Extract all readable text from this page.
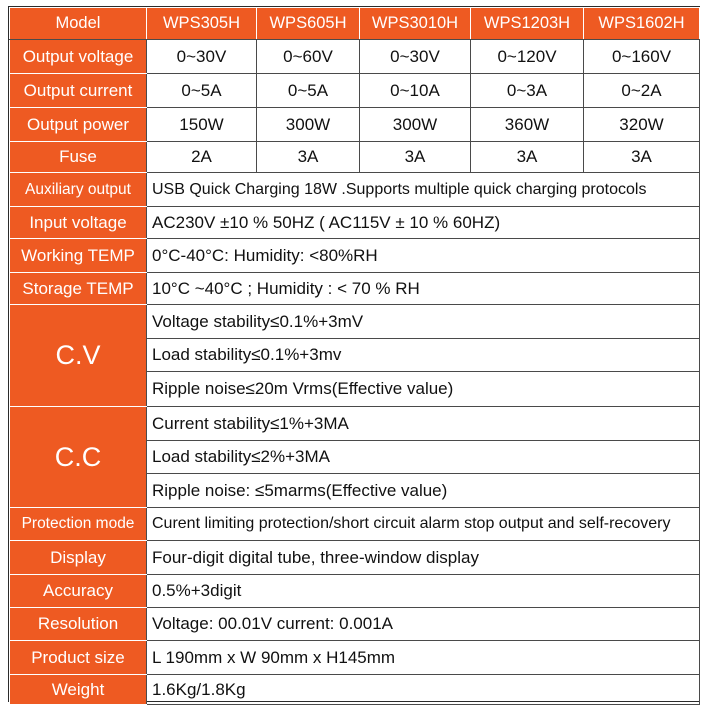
Model	WPS305H	WPS605H	WPS3010H	WPS1203H	WPS1602H
Output voltage	0~30V	0~60V	0~30V	0~120V	0~160V
Output current	0~5A	0~5A	0~10A	0~3A	0~2A
Output power	150W	300W	300W	360W	320W
Fuse	2A	3A	3A	3A	3A
Auxiliary output	USB Quick Charging 18W .Supports multiple quick charging protocols				
Input voltage	AC230V ±10 % 50HZ ( AC115V ± 10 % 60HZ)				
Working TEMP	0°C-40°C: Humidity: <80%RH				
Storage TEMP	10°C ~40°C ; Humidity : < 70 % RH				
C.V	Voltage stability≤0.1%+3mV				
	Load stability≤0.1%+3mv				
	Ripple noise≤20m Vrms(Effective value)				
C.C	Current stability≤1%+3MA				
	Load stability≤2%+3MA				
	Ripple noise: ≤5marms(Effective value)				
Protection mode	Curent limiting protection/short circuit alarm stop output and self-recovery				
Display	Four-digit digital tube, three-window display				
Accuracy	0.5%+3digit				
Resolution	Voltage: 00.01V current: 0.001A				
Product size	L 190mm x W 90mm x H145mm				
Weight	1.6Kg/1.8Kg				
